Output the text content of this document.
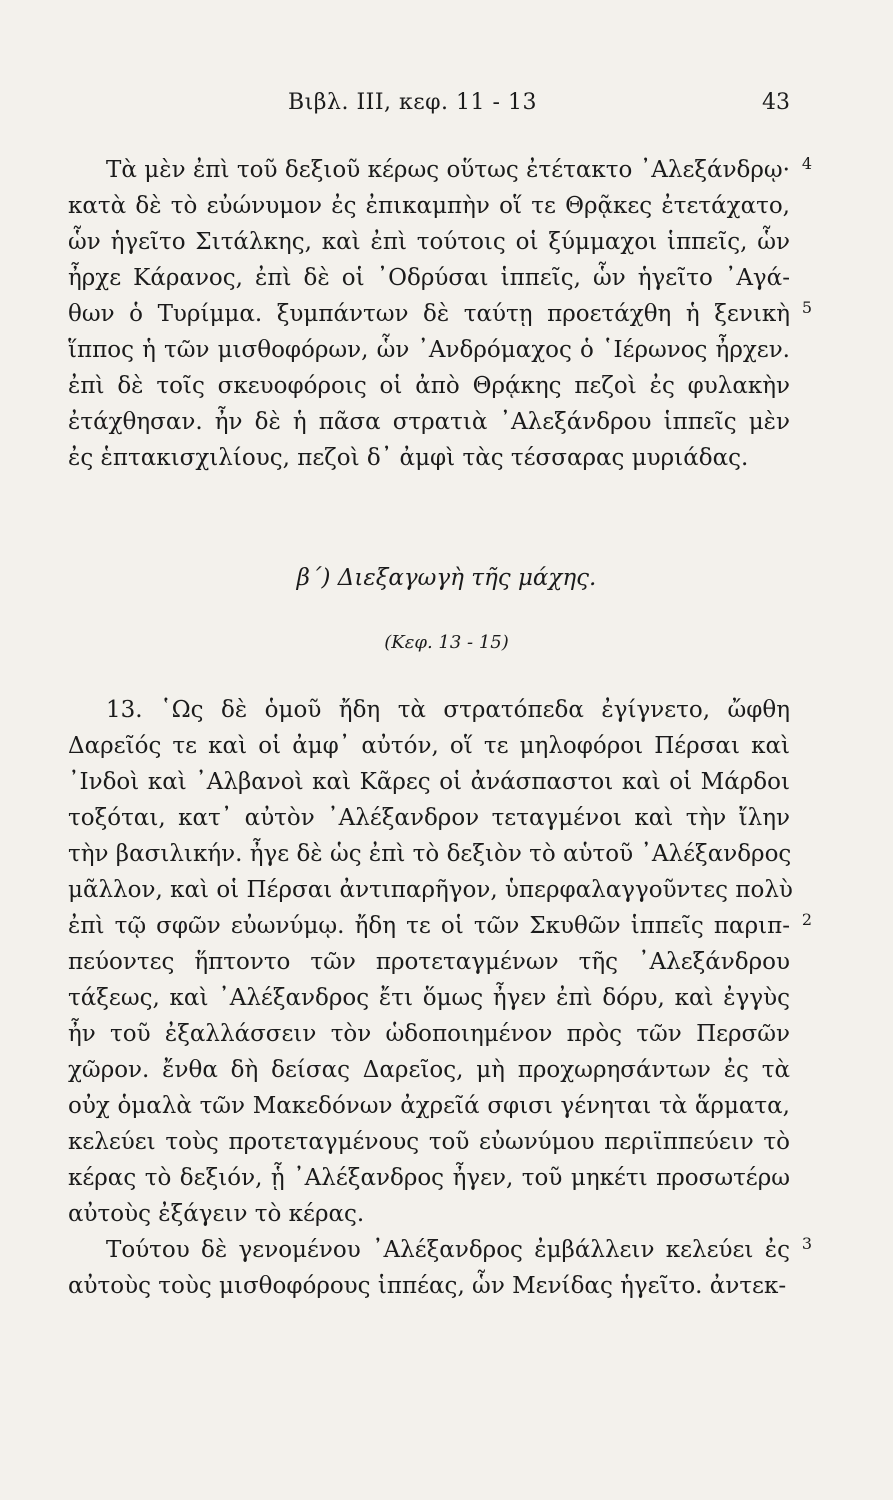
Βιβλ. ΙΙΙ, κεφ. 11 - 13	43
Τὰ μὲν ἐπὶ τοῦ δεξιοῦ κέρως οὕτως ἐτέτακτο ᾿Αλεξάνδρῳ· 4
κατὰ δὲ τὸ εὐώνυμον ἐς ἐπικαμπὴν οἵ τε Θρᾷκες ἐτετάχατο,
ὧν ἡγεῖτο Σιτάλκης, καὶ ἐπὶ τούτοις οἱ ξύμμαχοι ἱππεῖς, ὧν
ἦρχε Κάρανος, ἐπὶ δὲ οἱ ᾿Οδρύσαι ἱππεῖς, ὧν ἡγεῖτο ᾿Αγά-
θων ὁ Τυρίμμα. ξυμπάντων δὲ ταύτῃ προετάχθη ἡ ξενικὴ 5
ἵππος ἡ τῶν μισθοφόρων, ὧν ᾿Ανδρόμαχος ὁ ῾Ιέρωνος ἦρχεν.
ἐπὶ δὲ τοῖς σκευοφόροις οἱ ἀπὸ Θρᾴκης πεζοὶ ἐς φυλακὴν
ἐτάχθησαν. ἦν δὲ ἡ πᾶσα στρατιὰ ᾿Αλεξάνδρου ἱππεῖς μὲν
ἐς ἑπτακισχιλίους, πεζοὶ δ᾿ ἀμφὶ τὰς τέσσαρας μυριάδας.
β΄) Διεξαγωγὴ τῆς μάχης.
(Κεφ. 13 - 15)
13. ῾Ως δὲ ὁμοῦ ἤδη τὰ στρατόπεδα ἐγίγνετο, ὤφθη
Δαρεῖός τε καὶ οἱ ἀμφ᾿ αὐτόν, οἵ τε μηλοφόροι Πέρσαι καὶ
᾿Ινδοὶ καὶ ᾿Αλβανοὶ καὶ Κᾶρες οἱ ἀνάσπαστοι καὶ οἱ Μάρδοι
τοξόται, κατ᾿ αὐτὸν ᾿Αλέξανδρον τεταγμένοι καὶ τὴν ἴλην
τὴν βασιλικήν. ἦγε δὲ ὡς ἐπὶ τὸ δεξιὸν τὸ αὑτοῦ ᾿Αλέξανδρος
μᾶλλον, καὶ οἱ Πέρσαι ἀντιπαρῆγον, ὑπερφαλαγγοῦντες πολὺ
ἐπὶ τῷ σφῶν εὐωνύμῳ. ἤδη τε οἱ τῶν Σκυθῶν ἱππεῖς παριπ- 2
πεύοντες ἥπτοντο τῶν προτεταγμένων τῆς ᾿Αλεξάνδρου
τάξεως, καὶ ᾿Αλέξανδρος ἔτι ὅμως ἦγεν ἐπὶ δόρυ, καὶ ἐγγὺς
ἦν τοῦ ἐξαλλάσσειν τὸν ὡδοποιημένον πρὸς τῶν Περσῶν
χῶρον. ἔνθα δὴ δείσας Δαρεῖος, μὴ προχωρησάντων ἐς τὰ
οὐχ ὁμαλὰ τῶν Μακεδόνων ἀχρεῖά σφισι γένηται τὰ ἅρματα,
κελεύει τοὺς προτεταγμένους τοῦ εὐωνύμου περιϊππεύειν τὸ
κέρας τὸ δεξιόν, ᾗ ᾿Αλέξανδρος ἦγεν, τοῦ μηκέτι προσωτέρω
αὐτοὺς ἐξάγειν τὸ κέρας.
Τούτου δὲ γενομένου ᾿Αλέξανδρος ἐμβάλλειν κελεύει ἐς 3
αὐτοὺς τοὺς μισθοφόρους ἱππέας, ὧν Μενίδας ἡγεῖτο. ἀντεκ-
